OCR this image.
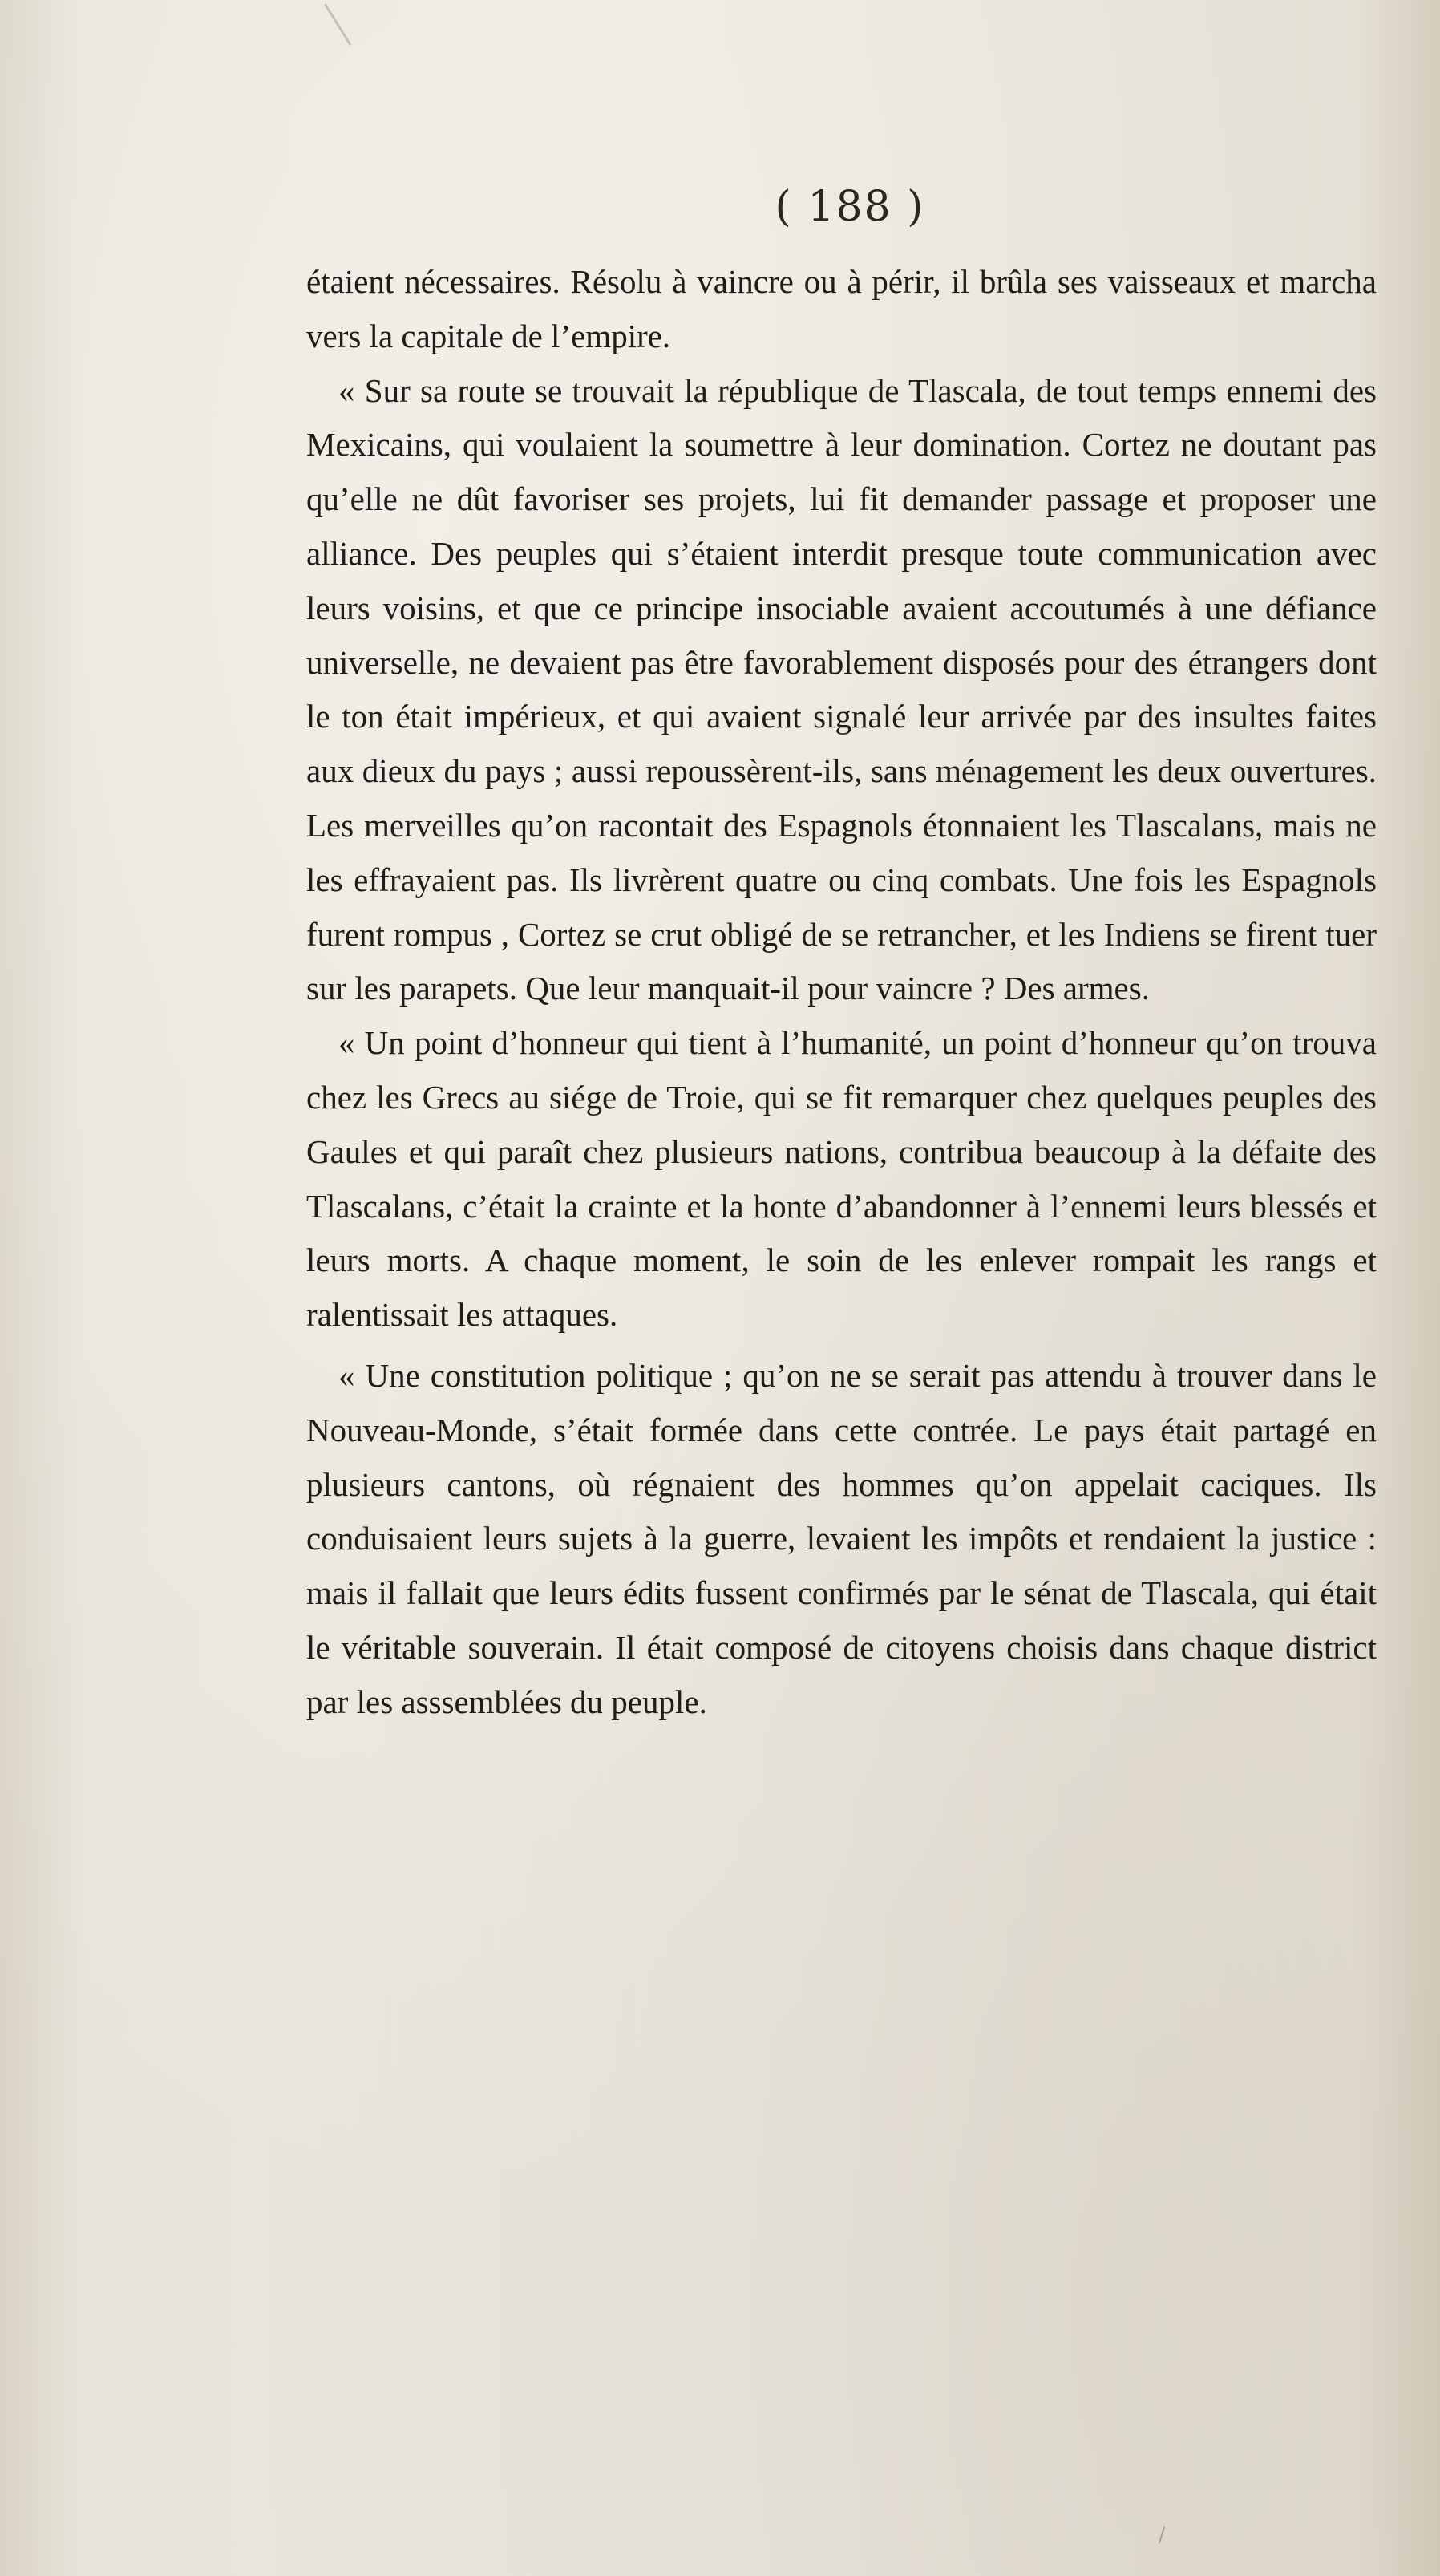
( 188 )

étaient nécessaires. Résolu à vaincre ou à périr, il brûla ses vaisseaux et marcha vers la capitale de l’empire.

« Sur sa route se trouvait la république de Tlascala, de tout temps ennemi des Mexicains, qui voulaient la soumettre à leur domination. Cortez ne doutant pas qu’elle ne dût favoriser ses projets, lui fit demander passage et proposer une alliance. Des peuples qui s’étaient interdit presque toute communication avec leurs voisins, et que ce principe insociable avaient accoutumés à une défiance universelle, ne devaient pas être favorablement disposés pour des étrangers dont le ton était impérieux, et qui avaient signalé leur arrivée par des insultes faites aux dieux du pays ; aussi repoussèrent-ils, sans ménagement les deux ouvertures. Les merveilles qu’on racontait des Espagnols étonnaient les Tlascalans, mais ne les effrayaient pas. Ils livrèrent quatre ou cinq combats. Une fois les Espagnols furent rompus , Cortez se crut obligé de se retrancher, et les Indiens se firent tuer sur les parapets. Que leur manquait-il pour vaincre ? Des armes.

« Un point d’honneur qui tient à l’humanité, un point d’honneur qu’on trouva chez les Grecs au siége de Troie, qui se fit remarquer chez quelques peuples des Gaules et qui paraît chez plusieurs nations, contribua beaucoup à la défaite des Tlascalans, c’était la crainte et la honte d’abandonner à l’ennemi leurs blessés et leurs morts. A chaque moment, le soin de les enlever rompait les rangs et ralentissait les attaques.

« Une constitution politique ; qu’on ne se serait pas attendu à trouver dans le Nouveau-Monde, s’était formée dans cette contrée. Le pays était partagé en plusieurs cantons, où régnaient des hommes qu’on appelait caciques. Ils conduisaient leurs sujets à la guerre, levaient les impôts et rendaient la justice : mais il fallait que leurs édits fussent confirmés par le sénat de Tlascala, qui était le véritable souverain. Il était composé de citoyens choisis dans chaque district par les asssemblées du peuple.
